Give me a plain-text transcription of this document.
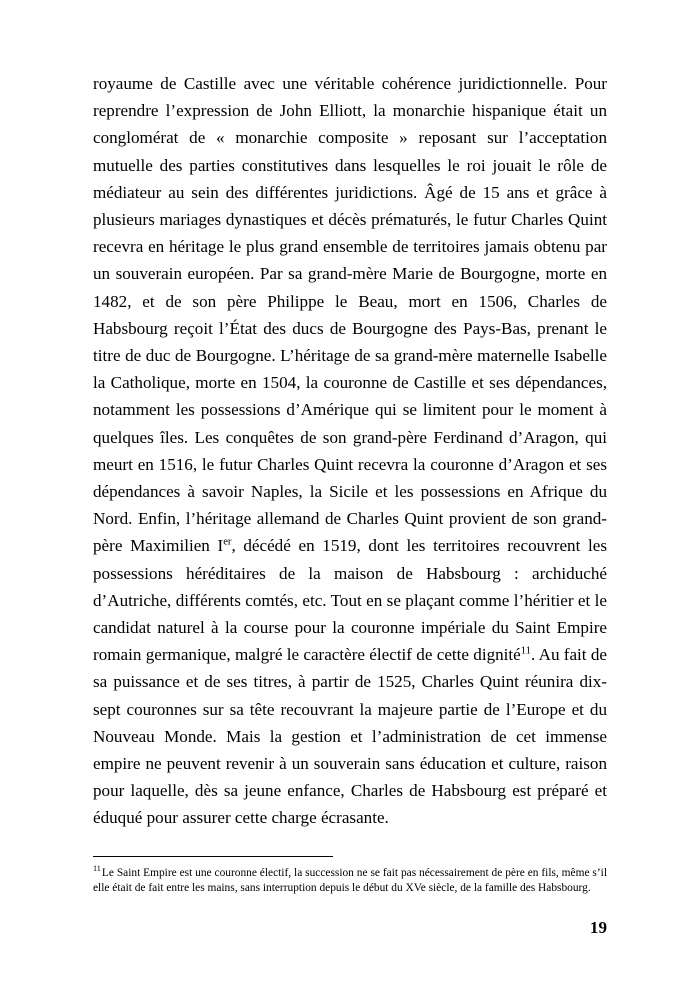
royaume de Castille avec une véritable cohérence juridictionnelle. Pour reprendre l’expression de John Elliott, la monarchie hispanique était un conglomérat de « monarchie composite » reposant sur l’acceptation mutuelle des parties constitutives dans lesquelles le roi jouait le rôle de médiateur au sein des différentes juridictions. Âgé de 15 ans et grâce à plusieurs mariages dynastiques et décès prématurés, le futur Charles Quint recevra en héritage le plus grand ensemble de territoires jamais obtenu par un souverain européen. Par sa grand-mère Marie de Bourgogne, morte en 1482, et de son père Philippe le Beau, mort en 1506, Charles de Habsbourg reçoit l’État des ducs de Bourgogne des Pays-Bas, prenant le titre de duc de Bourgogne. L’héritage de sa grand-mère maternelle Isabelle la Catholique, morte en 1504, la couronne de Castille et ses dépendances, notamment les possessions d’Amérique qui se limitent pour le moment à quelques îles. Les conquêtes de son grand-père Ferdinand d’Aragon, qui meurt en 1516, le futur Charles Quint recevra la couronne d’Aragon et ses dépendances à savoir Naples, la Sicile et les possessions en Afrique du Nord. Enfin, l’héritage allemand de Charles Quint provient de son grand-père Maximilien Ier, décédé en 1519, dont les territoires recouvrent les possessions héréditaires de la maison de Habsbourg : archiduché d’Autriche, différents comtés, etc. Tout en se plaçant comme l’héritier et le candidat naturel à la course pour la couronne impériale du Saint Empire romain germanique, malgré le caractère électif de cette dignité$^{11}$. Au fait de sa puissance et de ses titres, à partir de 1525, Charles Quint réunira dix-sept couronnes sur sa tête recouvrant la majeure partie de l’Europe et du Nouveau Monde. Mais la gestion et l’administration de cet immense empire ne peuvent revenir à un souverain sans éducation et culture, raison pour laquelle, dès sa jeune enfance, Charles de Habsbourg est préparé et éduqué pour assurer cette charge écrasante.

$^{11}$Le Saint Empire est une couronne électif, la succession ne se fait pas nécessairement de père en fils, même s’il elle était de fait entre les mains, sans interruption depuis le début du XVe siècle, de la famille des Habsbourg.

19
